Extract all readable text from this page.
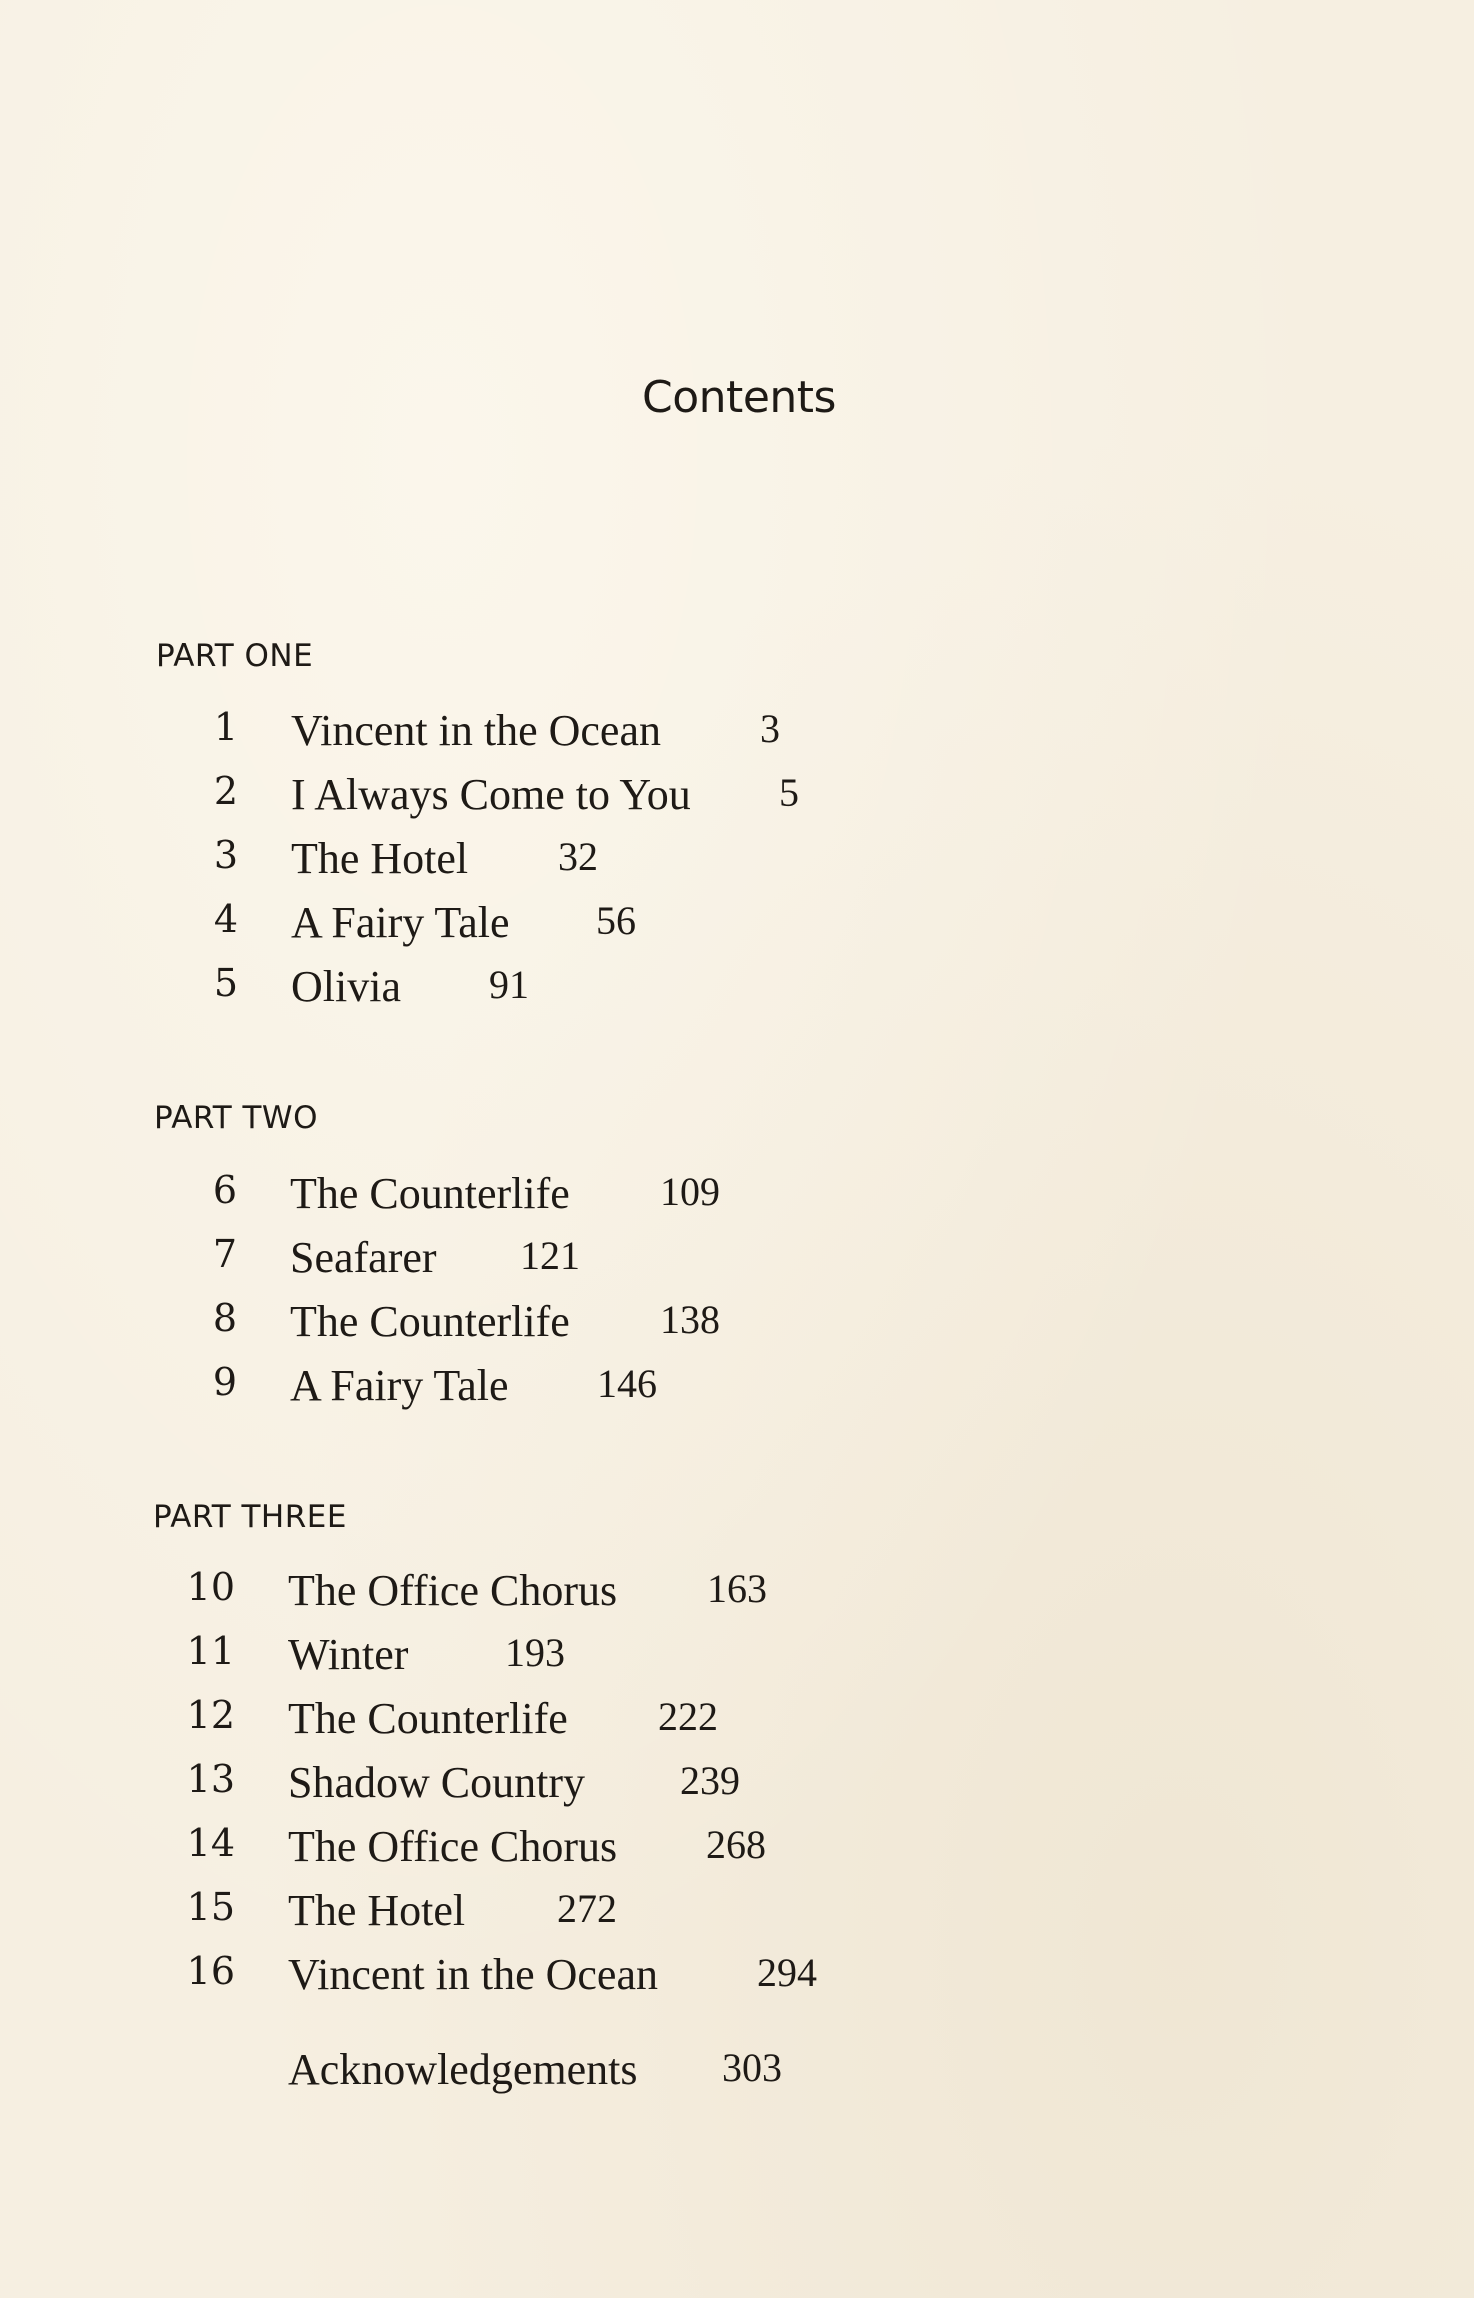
Contents
PART ONE
1 Vincent in the Ocean 3
2 I Always Come to You 5
3 The Hotel 32
4 A Fairy Tale 56
5 Olivia 91
PART TWO
6 The Counterlife 109
7 Seafarer 121
8 The Counterlife 138
9 A Fairy Tale 146
PART THREE
10 The Office Chorus 163
11 Winter 193
12 The Counterlife 222
13 Shadow Country 239
14 The Office Chorus 268
15 The Hotel 272
16 Vincent in the Ocean 294
Acknowledgements 303
